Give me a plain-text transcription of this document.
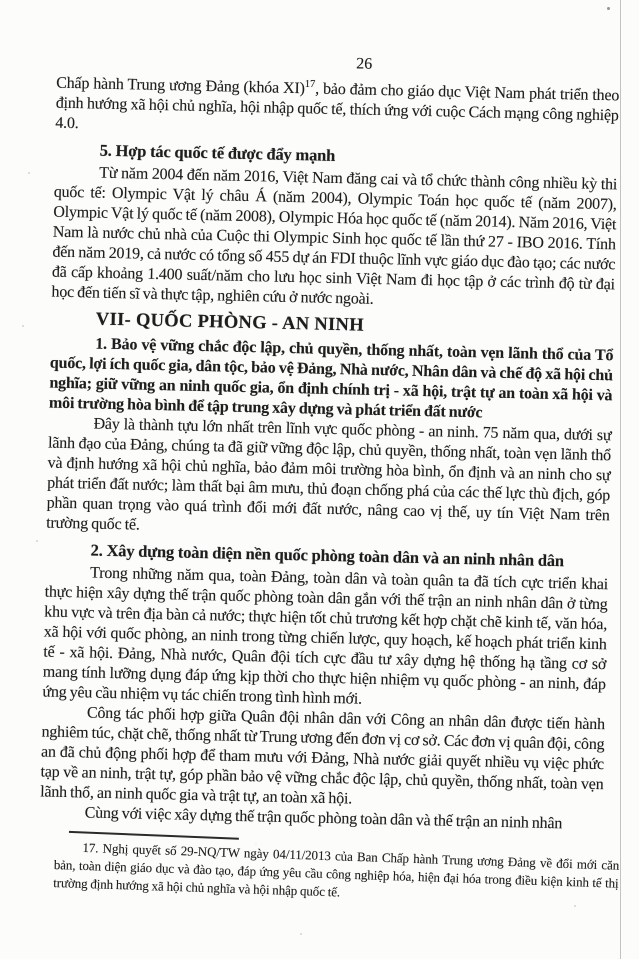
26

Chấp hành Trung ương Đảng (khóa XI)$^{17}$, bảo đảm cho giáo dục Việt Nam phát triển theo định hướng xã hội chủ nghĩa, hội nhập quốc tế, thích ứng với cuộc Cách mạng công nghiệp 4.0.

5. Hợp tác quốc tế được đẩy mạnh

Từ năm 2004 đến năm 2016, Việt Nam đăng cai và tổ chức thành công nhiều kỳ thi quốc tế: Olympic Vật lý châu Á (năm 2004), Olympic Toán học quốc tế (năm 2007), Olympic Vật lý quốc tế (năm 2008), Olympic Hóa học quốc tế (năm 2014). Năm 2016, Việt Nam là nước chủ nhà của Cuộc thi Olympic Sinh học quốc tế lần thứ 27 - IBO 2016. Tính đến năm 2019, cả nước có tổng số 455 dự án FDI thuộc lĩnh vực giáo dục đào tạo; các nước đã cấp khoảng 1.400 suất/năm cho lưu học sinh Việt Nam đi học tập ở các trình độ từ đại học đến tiến sĩ và thực tập, nghiên cứu ở nước ngoài.

VII- QUỐC PHÒNG - AN NINH

1. Bảo vệ vững chắc độc lập, chủ quyền, thống nhất, toàn vẹn lãnh thổ của Tổ quốc, lợi ích quốc gia, dân tộc, bảo vệ Đảng, Nhà nước, Nhân dân và chế độ xã hội chủ nghĩa; giữ vững an ninh quốc gia, ổn định chính trị - xã hội, trật tự an toàn xã hội và môi trường hòa bình để tập trung xây dựng và phát triển đất nước

Đây là thành tựu lớn nhất trên lĩnh vực quốc phòng - an ninh. 75 năm qua, dưới sự lãnh đạo của Đảng, chúng ta đã giữ vững độc lập, chủ quyền, thống nhất, toàn vẹn lãnh thổ và định hướng xã hội chủ nghĩa, bảo đảm môi trường hòa bình, ổn định và an ninh cho sự phát triển đất nước; làm thất bại âm mưu, thủ đoạn chống phá của các thế lực thù địch, góp phần quan trọng vào quá trình đổi mới đất nước, nâng cao vị thế, uy tín Việt Nam trên trường quốc tế.

2. Xây dựng toàn diện nền quốc phòng toàn dân và an ninh nhân dân

Trong những năm qua, toàn Đảng, toàn dân và toàn quân ta đã tích cực triển khai thực hiện xây dựng thế trận quốc phòng toàn dân gắn với thế trận an ninh nhân dân ở từng khu vực và trên địa bàn cả nước; thực hiện tốt chủ trương kết hợp chặt chẽ kinh tế, văn hóa, xã hội với quốc phòng, an ninh trong từng chiến lược, quy hoạch, kế hoạch phát triển kinh tế - xã hội. Đảng, Nhà nước, Quân đội tích cực đầu tư xây dựng hệ thống hạ tầng cơ sở mang tính lưỡng dụng đáp ứng kịp thời cho thực hiện nhiệm vụ quốc phòng - an ninh, đáp ứng yêu cầu nhiệm vụ tác chiến trong tình hình mới.

Công tác phối hợp giữa Quân đội nhân dân với Công an nhân dân được tiến hành nghiêm túc, chặt chẽ, thống nhất từ Trung ương đến đơn vị cơ sở. Các đơn vị quân đội, công an đã chủ động phối hợp để tham mưu với Đảng, Nhà nước giải quyết nhiều vụ việc phức tạp về an ninh, trật tự, góp phần bảo vệ vững chắc độc lập, chủ quyền, thống nhất, toàn vẹn lãnh thổ, an ninh quốc gia và trật tự, an toàn xã hội.

Cùng với việc xây dựng thế trận quốc phòng toàn dân và thế trận an ninh nhân

17. Nghị quyết số 29-NQ/TW ngày 04/11/2013 của Ban Chấp hành Trung ương Đảng về đổi mới căn bản, toàn diện giáo dục và đào tạo, đáp ứng yêu cầu công nghiệp hóa, hiện đại hóa trong điều kiện kinh tế thị trường định hướng xã hội chủ nghĩa và hội nhập quốc tế.
